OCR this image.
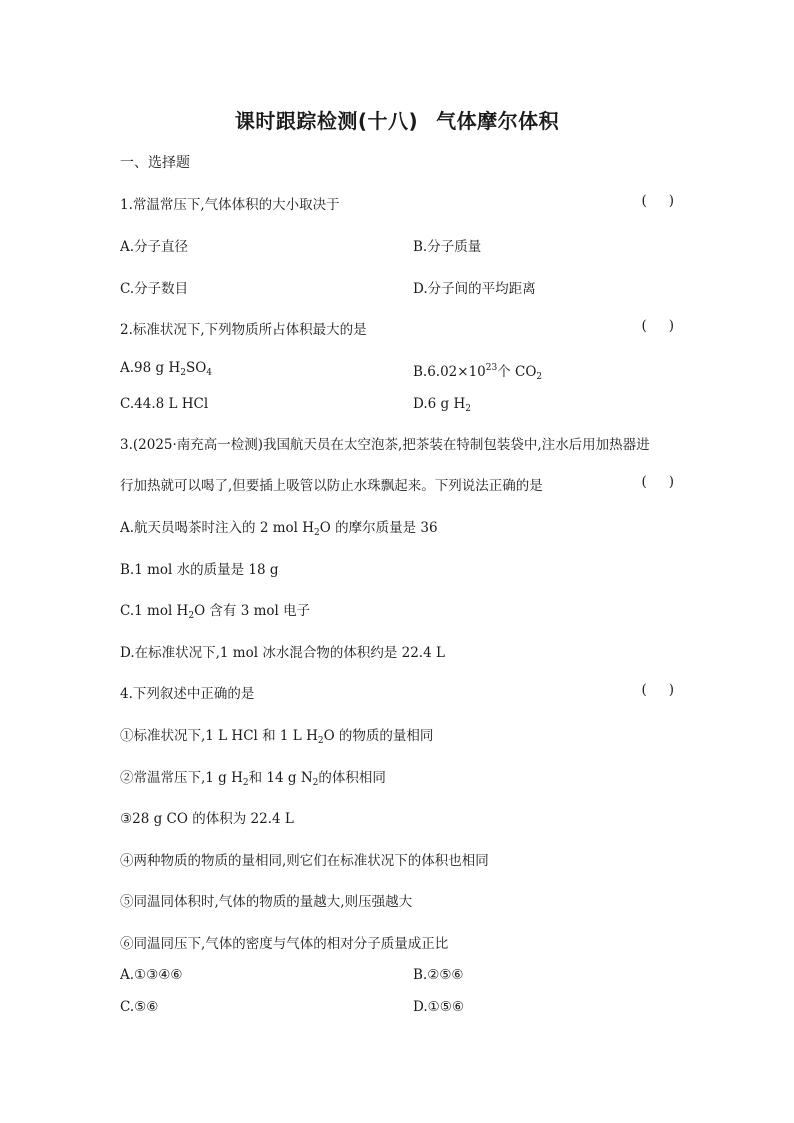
课时跟踪检测(十八) 气体摩尔体积
一、选择题
1.常温常压下,气体体积的大小取决于	( )
A.分子直径	B.分子质量
C.分子数目	D.分子间的平均距离
2.标准状况下,下列物质所占体积最大的是	( )
A.98 g $H_2SO_4$	$B.6.02\times 10^{23}$个 $CO_2$
C.44.8 L HCl	D.6 g $H_2$
3.(2025·南充高一检测)我国航天员在太空泡茶,把茶装在特制包装袋中,注水后用加热器进
行加热就可以喝了,但要插上吸管以防止水珠飘起来。下列说法正确的是	( )
A.航天员喝茶时注入的 2 mol $H_2O$ 的摩尔质量是 36
B.1 mol 水的质量是 18 g
C.1 mol $H_2O$ 含有 3 mol 电子
D.在标准状况下,1 mol 冰水混合物的体积约是 22.4 L
4.下列叙述中正确的是	( )
①标准状况下,1 L HCl 和 1 L $H_2O$ 的物质的量相同
②常温常压下,1 g $H_2$和 14 g $N_2$的体积相同
③28 g CO 的体积为 22.4 L
④两种物质的物质的量相同,则它们在标准状况下的体积也相同
⑤同温同体积时,气体的物质的量越大,则压强越大
⑥同温同压下,气体的密度与气体的相对分子质量成正比
A.①③④⑥	B.②⑤⑥
C.⑤⑥	D.①⑤⑥
